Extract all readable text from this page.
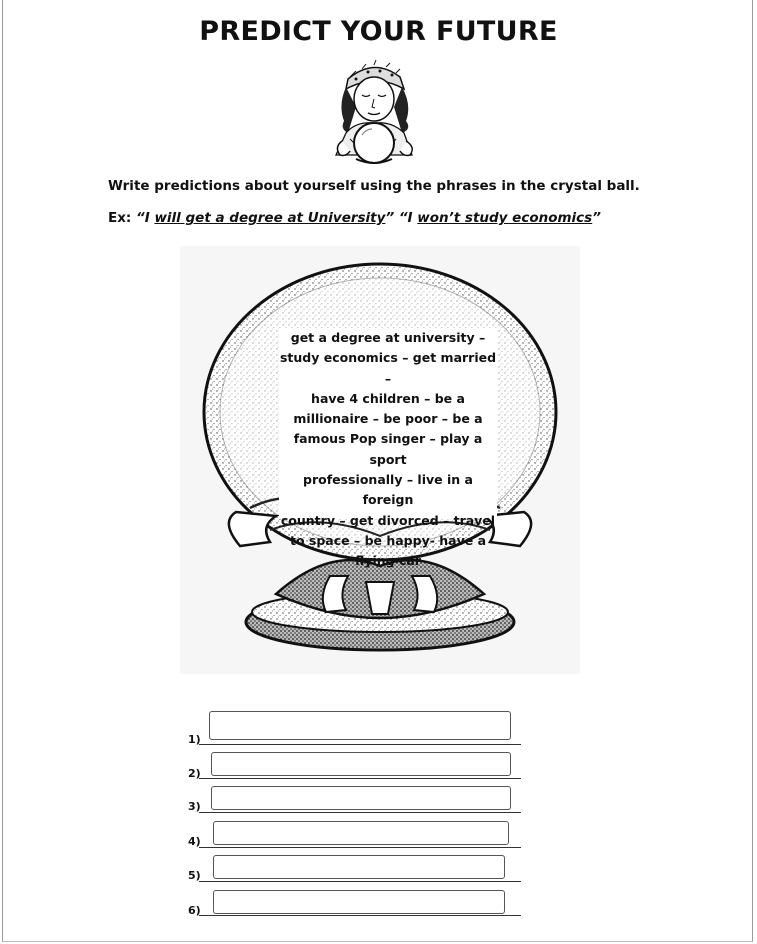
PREDICT YOUR FUTURE
Write predictions about yourself using the phrases in the crystal ball.
Ex: “I will get a degree at University” “I won’t study economics”

get a degree at university –
study economics – get married –
have 4 children – be a
millionaire – be poor – be a
famous Pop singer – play a sport
professionally – live in a foreign
country – get divorced – travel
to space – be happy- have a
flying car

1)
2)
3)
4)
5)
6)
